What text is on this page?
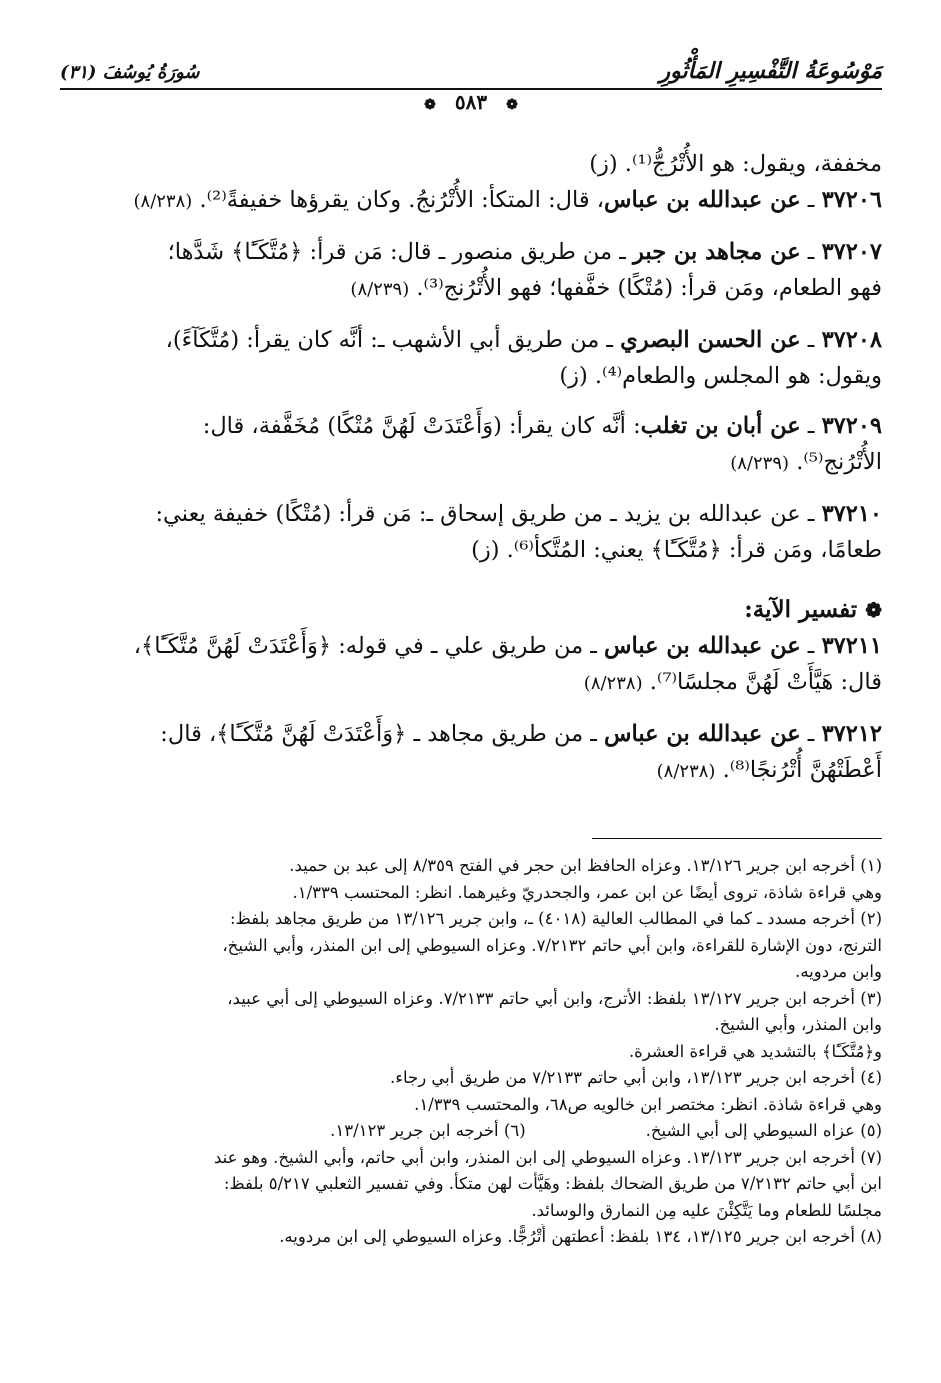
مَوْسُوعَةُ التَّفْسِيرِ المَأْثُورِ
سُورَةُ يُوسُفَ (٣١)
❁ ٥٨٣ ❁

مخففة، ويقول: هو الأُتْرُجُّ⁽¹⁾. (ز)

٣٧٢٠٦ ـ عن عبدالله بن عباس، قال: المتكأ: الأُتْرُنجُ. وكان يقرؤها خفيفةً⁽²⁾. (٨/٢٣٨)

٣٧٢٠٧ ـ عن مجاهد بن جبر ـ من طريق منصور ـ قال: مَن قرأ: ﴿مُتَّكَـًٔا﴾ شَدَّها؛
فهو الطعام، ومَن قرأ: (مُتْكًا) خفَّفها؛ فهو الأُتْرُنج⁽³⁾. (٨/٢٣٩)

٣٧٢٠٨ ـ عن الحسن البصري ـ من طريق أبي الأشهب ـ: أنَّه كان يقرأ: (مُتَّكَآءً)،
ويقول: هو المجلس والطعام⁽⁴⁾. (ز)

٣٧٢٠٩ ـ عن أبان بن تغلب: أنَّه كان يقرأ: (وَأَعْتَدَتْ لَهُنَّ مُتْكًا) مُخَفَّفة، قال:
الأُتْرُنج⁽⁵⁾. (٨/٢٣٩)

٣٧٢١٠ ـ عن عبدالله بن يزيد ـ من طريق إسحاق ـ: مَن قرأ: (مُتْكًا) خفيفة يعني:
طعامًا، ومَن قرأ: ﴿مُتَّكَـًٔا﴾ يعني: المُتَّكأ⁽⁶⁾. (ز)

❁ تفسير الآية:

٣٧٢١١ ـ عن عبدالله بن عباس ـ من طريق علي ـ في قوله: ﴿وَأَعْتَدَتْ لَهُنَّ مُتَّكَـًٔا﴾،
قال: هَيَّأَتْ لَهُنَّ مجلسًا⁽⁷⁾. (٨/٢٣٨)

٣٧٢١٢ ـ عن عبدالله بن عباس ـ من طريق مجاهد ـ ﴿وَأَعْتَدَتْ لَهُنَّ مُتَّكَـًٔا﴾، قال:
أَعْطَتْهُنَّ أُتْرُنجًا⁽⁸⁾. (٨/٢٣٨)

(١) أخرجه ابن جرير ١٣/١٢٦. وعزاه الحافظ ابن حجر في الفتح ٨/٣٥٩ إلى عبد بن حميد.

وهي قراءة شاذة، تروى أيضًا عن ابن عمر، والجحدريّ وغيرهما. انظر: المحتسب ١/٣٣٩.

(٢) أخرجه مسدد ـ كما في المطالب العالية (٤٠١٨) ـ، وابن جرير ١٣/١٢٦ من طريق مجاهد بلفظ:

الترنج، دون الإشارة للقراءة، وابن أبي حاتم ٧/٢١٣٢. وعزاه السيوطي إلى ابن المنذر، وأبي الشيخ،

وابن مردويه.

(٣) أخرجه ابن جرير ١٣/١٢٧ بلفظ: الأترج، وابن أبي حاتم ٧/٢١٣٣. وعزاه السيوطي إلى أبي عبيد،

وابن المنذر، وأبي الشيخ.

و﴿مُتَّكَـًٔا﴾ بالتشديد هي قراءة العشرة.

(٤) أخرجه ابن جرير ١٣/١٢٣، وابن أبي حاتم ٧/٢١٣٣ من طريق أبي رجاء.

وهي قراءة شاذة. انظر: مختصر ابن خالويه ص٦٨، والمحتسب ١/٣٣٩.

(٥) عزاه السيوطي إلى أبي الشيخ.
(٦) أخرجه ابن جرير ١٣/١٢٣.

(٧) أخرجه ابن جرير ١٣/١٢٣. وعزاه السيوطي إلى ابن المنذر، وابن أبي حاتم، وأبي الشيخ. وهو عند

ابن أبي حاتم ٧/٢١٣٢ من طريق الضحاك بلفظ: وهَيَّأت لهن متكأ. وفي تفسير الثعلبي ٥/٢١٧ بلفظ:

مجلسًا للطعام وما يَتَّكِئْنَ عليه مِن النمارق والوسائد.

(٨) أخرجه ابن جرير ١٣/١٢٥، ١٣٤ بلفظ: أعطتهن أُتْرُجًّا. وعزاه السيوطي إلى ابن مردويه.
